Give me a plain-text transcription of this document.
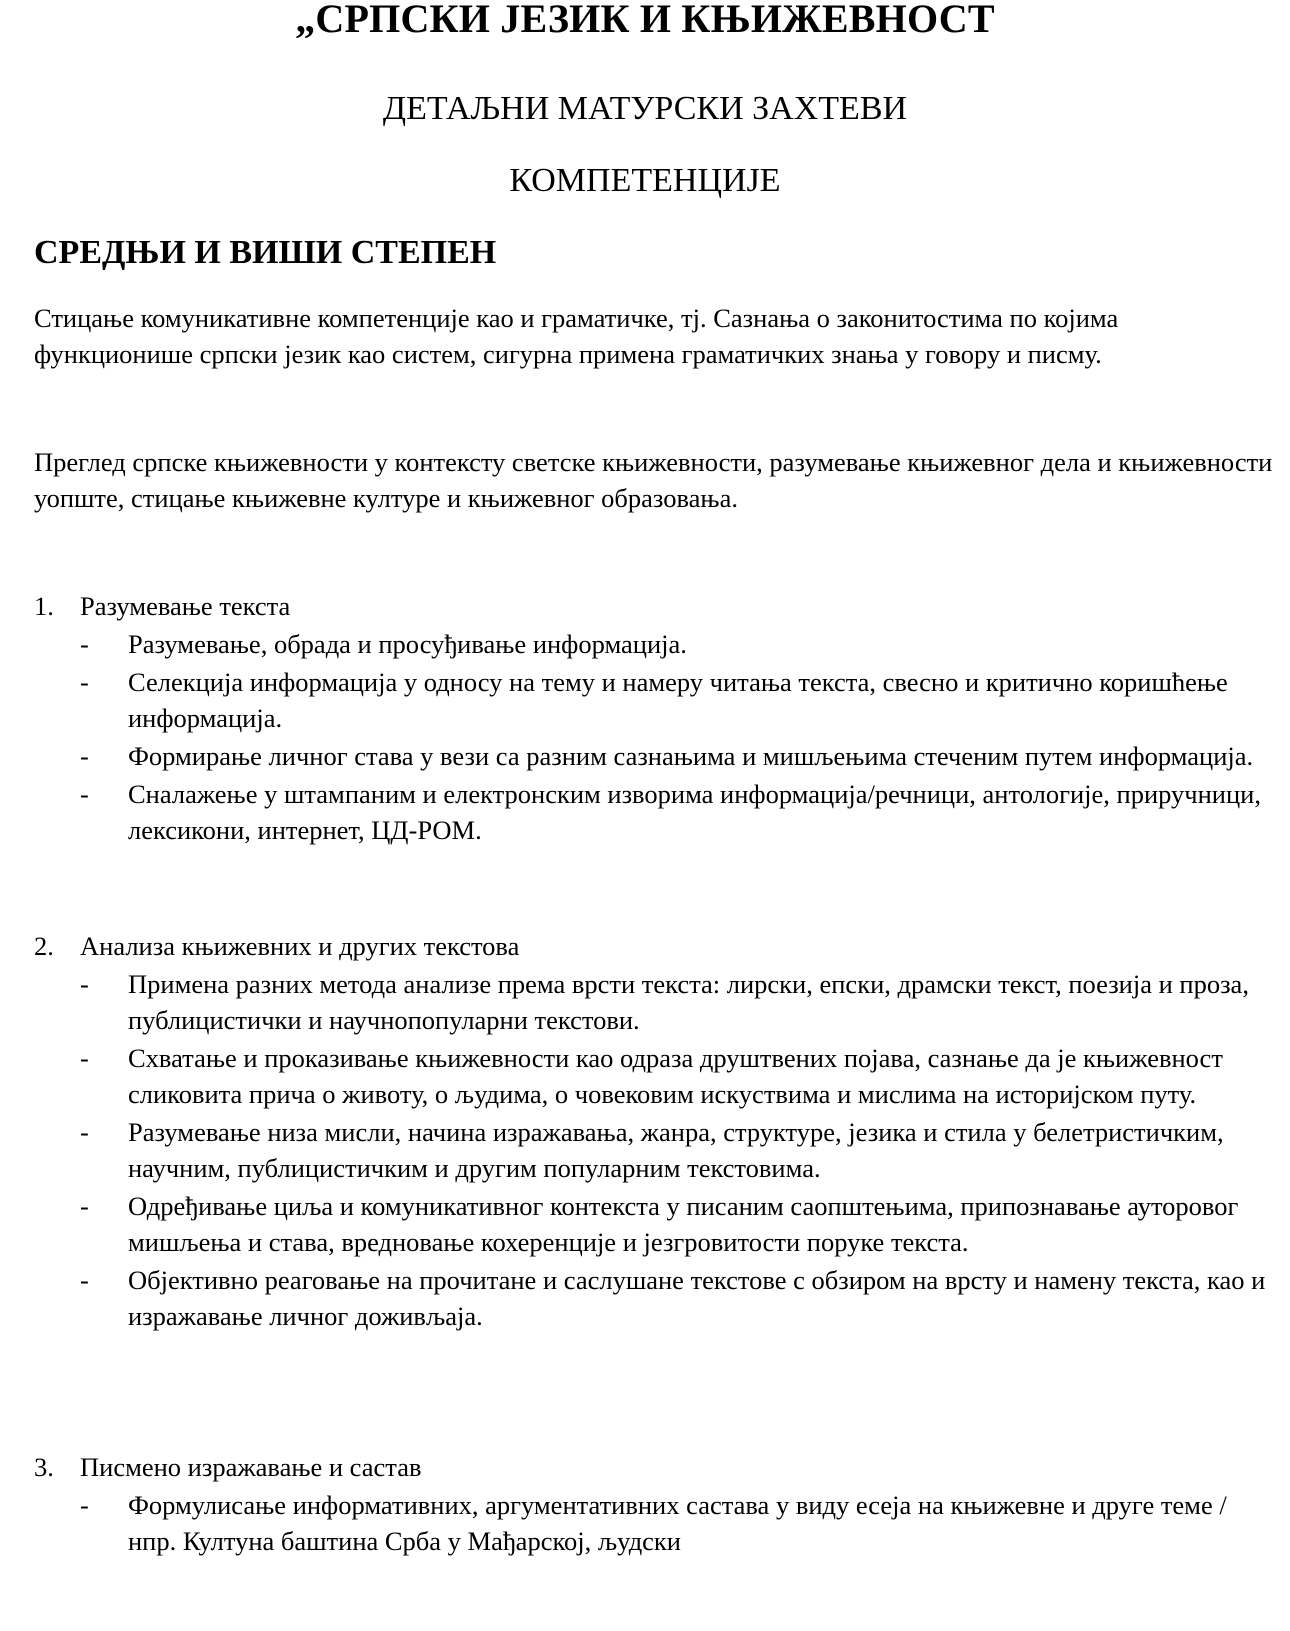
„СРПСКИ ЈЕЗИК И КЊИЖЕВНОСТ
ДЕТАЉНИ МАТУРСКИ ЗАХТЕВИ
КОМПЕТЕНЦИЈЕ
СРЕДЊИ И ВИШИ СТЕПЕН

Стицање комуникативне компетенције као и граматичке, тј. Сазнања о законитостима по којима функционише српски језик као систем, сигурна примена граматичких знања у говору и писму.

Преглед српске књижевности у контексту светске књижевности, разумевање књижевног дела и књижевности уопште, стицање књижевне културе и књижевног образовања.

1. Разумевање текста
-	Разумевање, обрада и просуђивање информација.
-	Селекција информација у односу на тему и намеру читања текста, свесно и критично коришћење информација.
-	Формирање личног става у вези са разним сазнањима и мишљењима стеченим путем информација.
-	Сналажење у штампаним и електронским изворима информација/речници, антологије, приручници, лексикони, интернет, ЦД-РОМ.
2. Анализа књижевних и других текстова
-	Примена разних метода анализе према врсти текста: лирски, епски, драмски текст, поезија и проза, публицистички и научнопопуларни текстови.
-	Схватање и проказивање књижевности као одраза друштвених појава, сазнање да је књижевност сликовита прича о животу, о људима, о човековим искуствима и мислима на историјском путу.
-	Разумевање низа мисли, начина изражавања, жанра, структуре, језика и стила у белетристичким, научним, публицистичким и другим популарним текстовима.
-	Одређивање циља и комуникативног контекста у писаним саопштењима, припознавање ауторовог мишљења и става, вредновање кохеренције и језгровитости поруке текста.
-	Објективно реаговање на прочитане и саслушане текстове с обзиром на врсту и намену текста, као и изражавање личног доживљаја.
3. Писмено изражавање и састав
-	Формулисање информативних, аргументативних састава у виду есеја на књижевне и друге теме /нпр. Култуна баштина Срба у Мађарској, људски
